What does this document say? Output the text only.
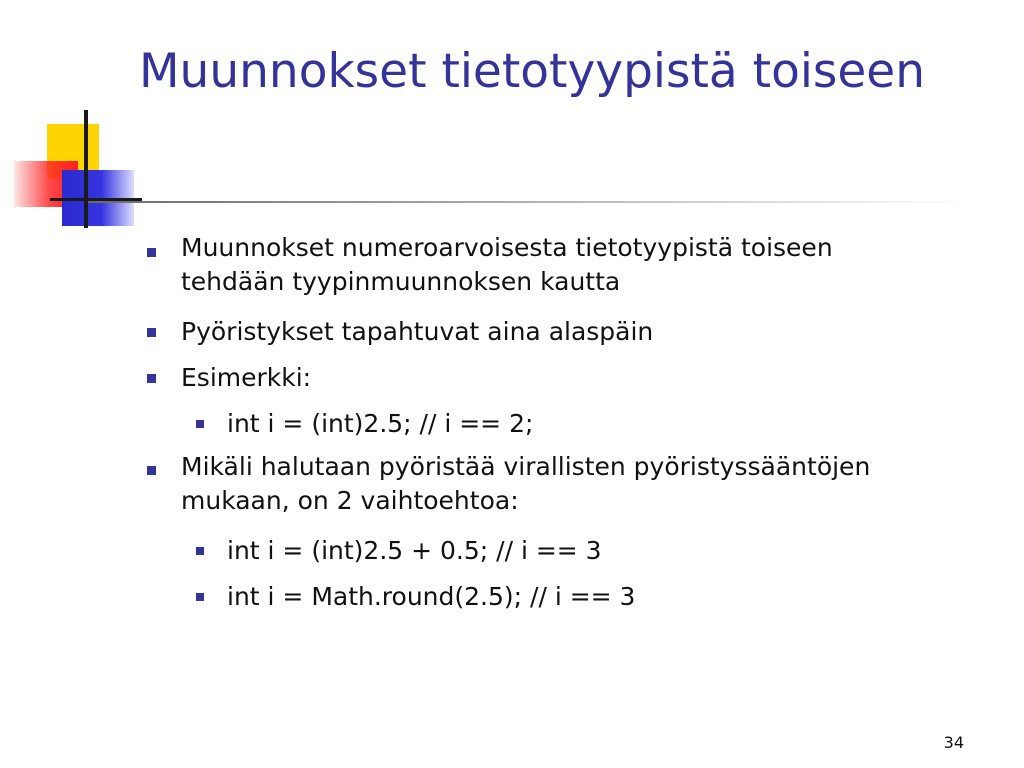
Muunnokset tietotyypistä toiseen
Muunnokset numeroarvoisesta tietotyypistä toiseen tehdään tyypinmuunnoksen kautta
Pyöristykset tapahtuvat aina alaspäin
Esimerkki:
int i = (int)2.5; // i == 2;
Mikäli halutaan pyöristää virallisten pyöristyssääntöjen mukaan, on 2 vaihtoehtoa:
int i = (int)2.5 + 0.5; // i == 3
int i = Math.round(2.5); // i == 3
34
